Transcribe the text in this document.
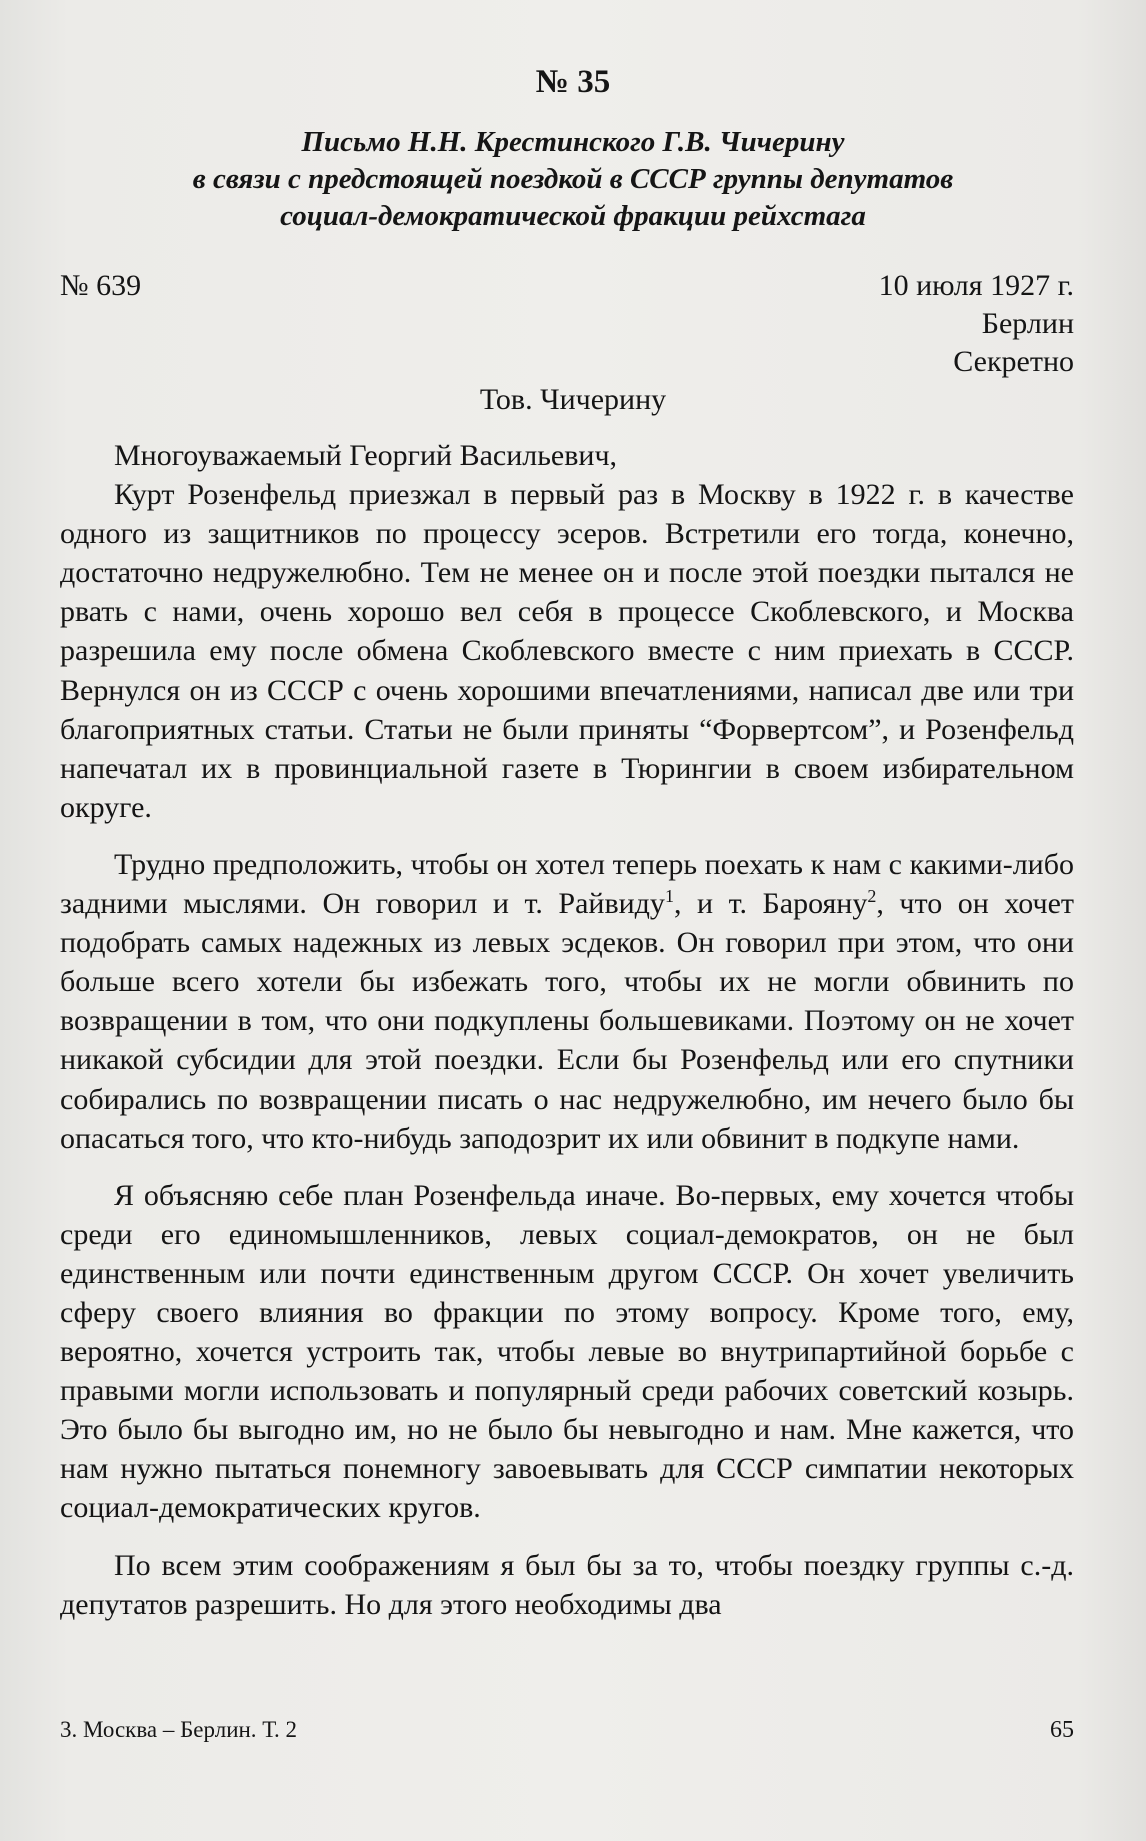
№ 35
Письмо Н.Н. Крестинского Г.В. Чичерину
в связи с предстоящей поездкой в СССР группы депутатов
социал-демократической фракции рейхстага
№ 639	10 июля 1927 г.
Берлин
Секретно
Тов. Чичерину

Многоуважаемый Георгий Васильевич,

Курт Розенфельд приезжал в первый раз в Москву в 1922 г. в качестве одного из защитников по процессу эсеров. Встретили его тогда, конечно, достаточно недружелюбно. Тем не менее он и после этой поездки пытался не рвать с нами, очень хорошо вел себя в процессе Скоблевского, и Москва разрешила ему после обмена Скоблевского вместе с ним приехать в СССР. Вернулся он из СССР с очень хорошими впечатлениями, написал две или три благоприятных статьи. Статьи не были приняты “Форвертсом”, и Розенфельд напечатал их в провинциальной газете в Тюрингии в своем избирательном округе.

Трудно предположить, чтобы он хотел теперь поехать к нам с какими-либо задними мыслями. Он говорил и т. Райвиду$^1$, и т. Барояну$^2$, что он хочет подобрать самых надежных из левых эсдеков. Он говорил при этом, что они больше всего хотели бы избежать того, чтобы их не могли обвинить по возвращении в том, что они подкуплены большевиками. Поэтому он не хочет никакой субсидии для этой поездки. Если бы Розенфельд или его спутники собирались по возвращении писать о нас недружелюбно, им нечего было бы опасаться того, что кто-нибудь заподозрит их или обвинит в подкупе нами.

Я объясняю себе план Розенфельда иначе. Во-первых, ему хочется чтобы среди его единомышленников, левых социал-демократов, он не был единственным или почти единственным другом СССР. Он хочет увеличить сферу своего влияния во фракции по этому вопросу. Кроме того, ему, вероятно, хочется устроить так, чтобы левые во внутрипартийной борьбе с правыми могли использовать и популярный среди рабочих советский козырь. Это было бы выгодно им, но не было бы невыгодно и нам. Мне кажется, что нам нужно пытаться понемногу завоевывать для СССР симпатии некоторых социал-демократических кругов.

По всем этим соображениям я был бы за то, чтобы поездку группы с.-д. депутатов разрешить. Но для этого необходимы два

3. Москва – Берлин. Т. 2	65
